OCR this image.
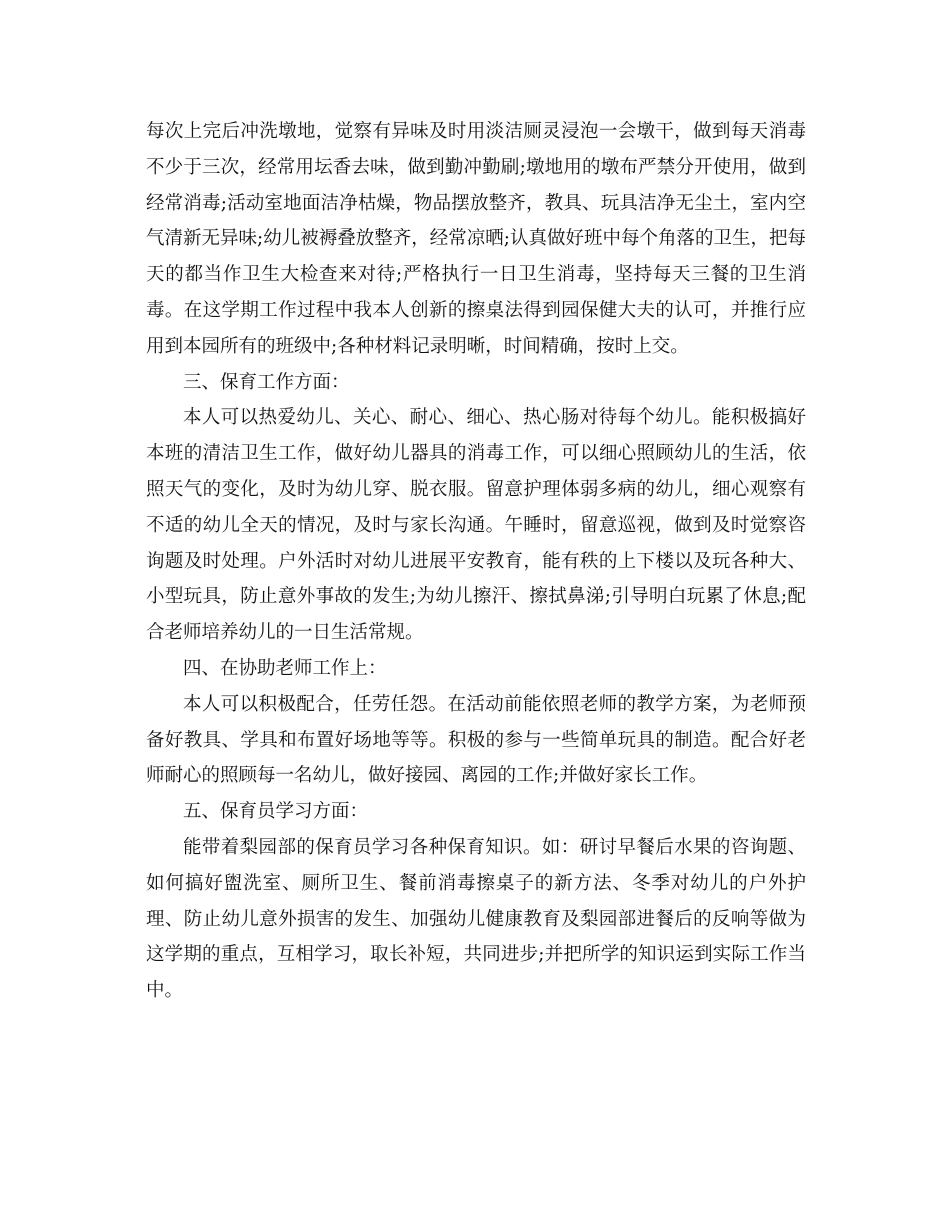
每次上完后冲洗墩地，觉察有异味及时用淡洁厕灵浸泡一会墩干，做到每天消毒不少于三次，经常用坛香去味，做到勤冲勤刷;墩地用的墩布严禁分开使用，做到经常消毒;活动室地面洁净枯燥，物品摆放整齐，教具、玩具洁净无尘土，室内空气清新无异味;幼儿被褥叠放整齐，经常凉晒;认真做好班中每个角落的卫生，把每天的都当作卫生大检查来对待;严格执行一日卫生消毒，坚持每天三餐的卫生消毒。在这学期工作过程中我本人创新的擦桌法得到园保健大夫的认可，并推行应用到本园所有的班级中;各种材料记录明晰，时间精确，按时上交。

三、保育工作方面：

本人可以热爱幼儿、关心、耐心、细心、热心肠对待每个幼儿。能积极搞好本班的清洁卫生工作，做好幼儿器具的消毒工作，可以细心照顾幼儿的生活，依照天气的变化，及时为幼儿穿、脱衣服。留意护理体弱多病的幼儿，细心观察有不适的幼儿全天的情况，及时与家长沟通。午睡时，留意巡视，做到及时觉察咨询题及时处理。户外活时对幼儿进展平安教育，能有秩的上下楼以及玩各种大、小型玩具，防止意外事故的发生;为幼儿擦汗、擦拭鼻涕;引导明白玩累了休息;配合老师培养幼儿的一日生活常规。

四、在协助老师工作上：

本人可以积极配合，任劳任怨。在活动前能依照老师的教学方案，为老师预备好教具、学具和布置好场地等等。积极的参与一些简单玩具的制造。配合好老师耐心的照顾每一名幼儿，做好接园、离园的工作;并做好家长工作。

五、保育员学习方面：

能带着梨园部的保育员学习各种保育知识。如：研讨早餐后水果的咨询题、如何搞好盥洗室、厕所卫生、餐前消毒擦桌子的新方法、冬季对幼儿的户外护理、防止幼儿意外损害的发生、加强幼儿健康教育及梨园部进餐后的反响等做为这学期的重点，互相学习，取长补短，共同进步;并把所学的知识运到实际工作当中。
